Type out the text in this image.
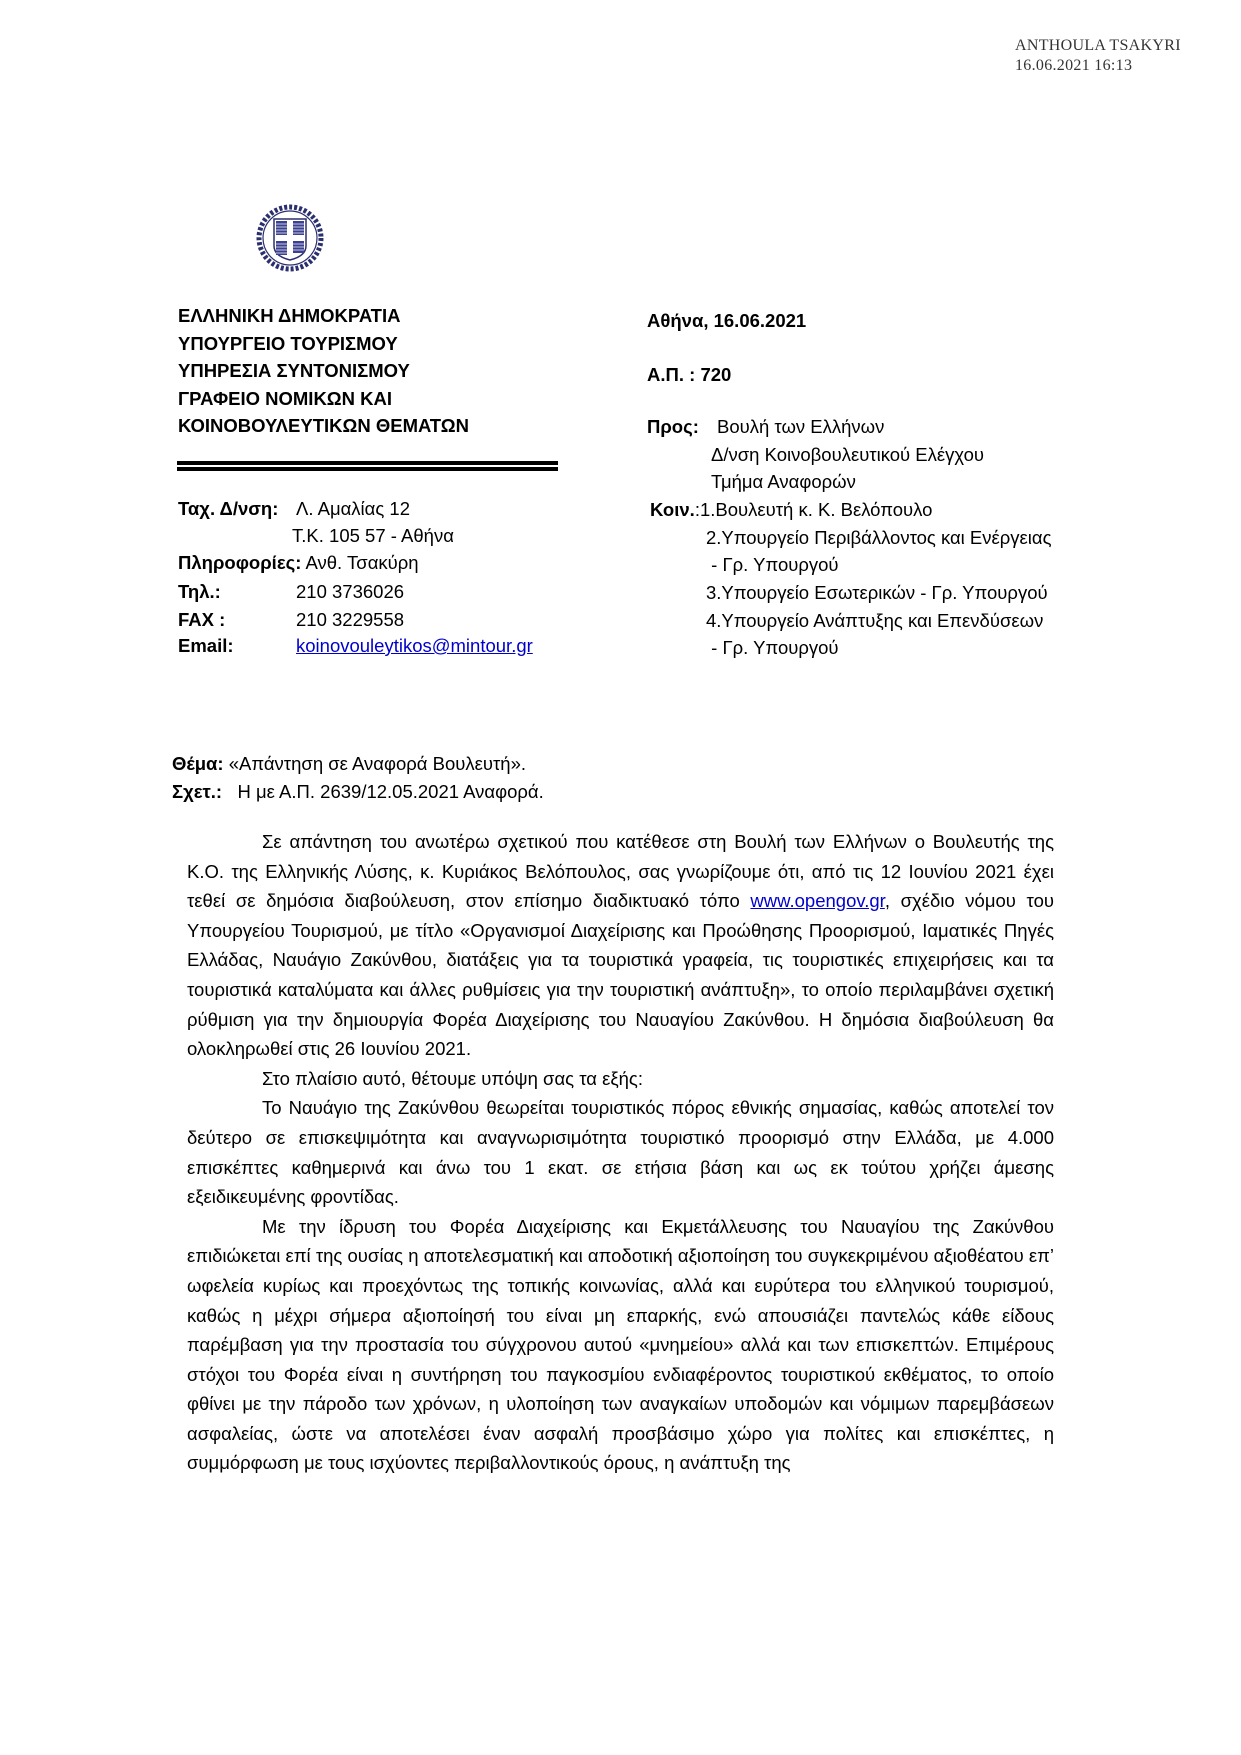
ANTHOULA TSAKYRI
16.06.2021 16:13
ΕΛΛΗΝΙΚΗ ΔΗΜΟΚΡΑΤΙΑ
ΥΠΟΥΡΓΕΙΟ ΤΟΥΡΙΣΜΟΥ
ΥΠΗΡΕΣΙΑ ΣΥΝΤΟΝΙΣΜΟΥ
ΓΡΑΦΕΙΟ ΝΟΜΙΚΩΝ ΚΑΙ
ΚΟΙΝΟΒΟΥΛΕΥΤΙΚΩΝ ΘΕΜΑΤΩΝ
Ταχ. Δ/νση: Λ. Αμαλίας 12
Τ.Κ. 105 57 - Αθήνα
Πληροφορίες: Ανθ. Τσακύρη
Τηλ.:	210 3736026
FAX :	210 3229558
Email:	koinovouleytikos@mintour.gr
Αθήνα, 16.06.2021
Α.Π. : 720
Προς: Βουλή των Ελλήνων
Δ/νση Κοινοβουλευτικού Ελέγχου
Τμήμα Αναφορών
Κοιν.:1.Βουλευτή κ. Κ. Βελόπουλο
2.Υπουργείο Περιβάλλοντος και Ενέργειας
- Γρ. Υπουργού
3.Υπουργείο Εσωτερικών - Γρ. Υπουργού
4.Υπουργείο Ανάπτυξης και Επενδύσεων
- Γρ. Υπουργού
Θέμα: «Απάντηση σε Αναφορά Βουλευτή».
Σχετ.:   Η με Α.Π. 2639/12.05.2021 Αναφορά.

Σε απάντηση του ανωτέρω σχετικού που κατέθεσε στη Βουλή των Ελλήνων ο Βουλευτής της Κ.Ο. της Ελληνικής Λύσης, κ. Κυριάκος Βελόπουλος, σας γνωρίζουμε ότι, από τις 12 Ιουνίου 2021 έχει τεθεί σε δημόσια διαβούλευση, στον επίσημο διαδικτυακό τόπο www.opengov.gr, σχέδιο νόμου του Υπουργείου Τουρισμού, με τίτλο «Οργανισμοί Διαχείρισης και Προώθησης Προορισμού, Ιαματικές Πηγές Ελλάδας, Ναυάγιο Ζακύνθου, διατάξεις για τα τουριστικά γραφεία, τις τουριστικές επιχειρήσεις και τα τουριστικά καταλύματα και άλλες ρυθμίσεις για την τουριστική ανάπτυξη», το οποίο περιλαμβάνει σχετική ρύθμιση για την δημιουργία Φορέα Διαχείρισης του Ναυαγίου Ζακύνθου. Η δημόσια διαβούλευση θα ολοκληρωθεί στις 26 Ιουνίου 2021.

Στο πλαίσιο αυτό, θέτουμε υπόψη σας τα εξής:

Το Ναυάγιο της Ζακύνθου θεωρείται τουριστικός πόρος εθνικής σημασίας, καθώς αποτελεί τον δεύτερο σε επισκεψιμότητα και αναγνωρισιμότητα τουριστικό προορισμό στην Ελλάδα, με 4.000 επισκέπτες καθημερινά και άνω του 1 εκατ. σε ετήσια βάση και ως εκ τούτου χρήζει άμεσης εξειδικευμένης φροντίδας.

Με την ίδρυση του Φορέα Διαχείρισης και Εκμετάλλευσης του Ναυαγίου της Ζακύνθου επιδιώκεται επί της ουσίας η αποτελεσματική και αποδοτική αξιοποίηση του συγκεκριμένου αξιοθέατου επ’ ωφελεία κυρίως και προεχόντως της τοπικής κοινωνίας, αλλά και ευρύτερα του ελληνικού τουρισμού, καθώς η μέχρι σήμερα αξιοποίησή του είναι μη επαρκής, ενώ απουσιάζει παντελώς κάθε είδους παρέμβαση για την προστασία του σύγχρονου αυτού «μνημείου» αλλά και των επισκεπτών. Επιμέρους στόχοι του Φορέα είναι η συντήρηση του παγκοσμίου ενδιαφέροντος τουριστικού εκθέματος, το οποίο φθίνει με την πάροδο των χρόνων, η υλοποίηση των αναγκαίων υποδομών και νόμιμων παρεμβάσεων ασφαλείας, ώστε να αποτελέσει έναν ασφαλή προσβάσιμο χώρο για πολίτες και επισκέπτες, η συμμόρφωση με τους ισχύοντες περιβαλλοντικούς όρους, η ανάπτυξη της
